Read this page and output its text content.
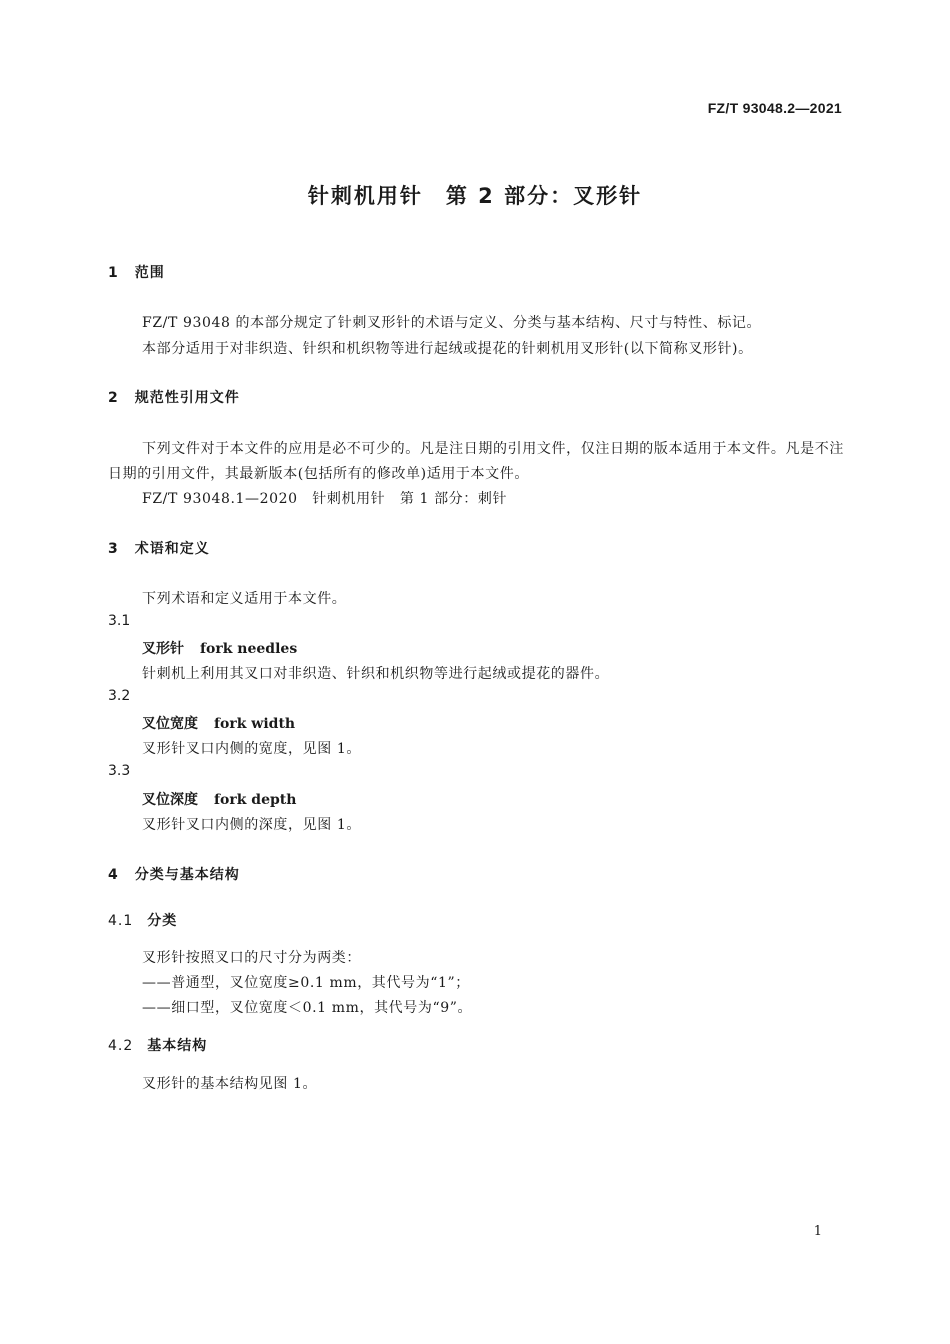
FZ/T 93048.2—2021
针刺机用针　第 2 部分：叉形针
1 范围
FZ/T 93048 的本部分规定了针刺叉形针的术语与定义、分类与基本结构、尺寸与特性、标记。
本部分适用于对非织造、针织和机织物等进行起绒或提花的针刺机用叉形针(以下简称叉形针)。
2 规范性引用文件
下列文件对于本文件的应用是必不可少的。凡是注日期的引用文件，仅注日期的版本适用于本文件。凡是不注日期的引用文件，其最新版本(包括所有的修改单)适用于本文件。
FZ/T 93048.1—2020　针刺机用针　第 1 部分：刺针
3 术语和定义
下列术语和定义适用于本文件。
3.1
叉形针 fork needles
针刺机上利用其叉口对非织造、针织和机织物等进行起绒或提花的器件。
3.2
叉位宽度 fork width
叉形针叉口内侧的宽度，见图 1。
3.3
叉位深度 fork depth
叉形针叉口内侧的深度，见图 1。
4 分类与基本结构
4.1 分类
叉形针按照叉口的尺寸分为两类：
——普通型，叉位宽度≥0.1 mm，其代号为“1”；
——细口型，叉位宽度＜0.1 mm，其代号为“9”。
4.2 基本结构
叉形针的基本结构见图 1。
1
